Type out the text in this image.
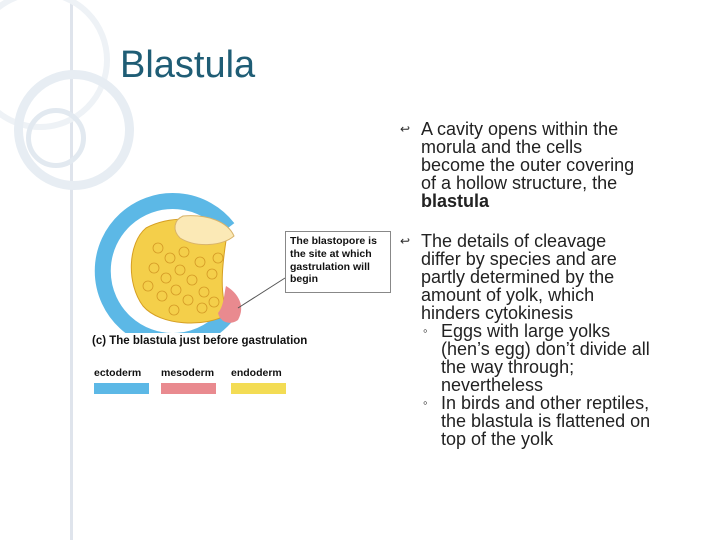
Blastula
The blastopore is
the site at which
gastrulation will
begin
(c) The blastula just before gastrulation
ectoderm	mesoderm endoderm
↩ A cavity opens within the
morula and the cells
become the outer covering
of a hollow structure, the
blastula
↩ The details of cleavage
differ by species and are
partly determined by the
amount of yolk, which
hinders cytokinesis
◦ Eggs with large yolks
(hen’s egg) don’t divide all
the way through;
nevertheless
◦ In birds and other reptiles,
the blastula is flattened on
top of the yolk
